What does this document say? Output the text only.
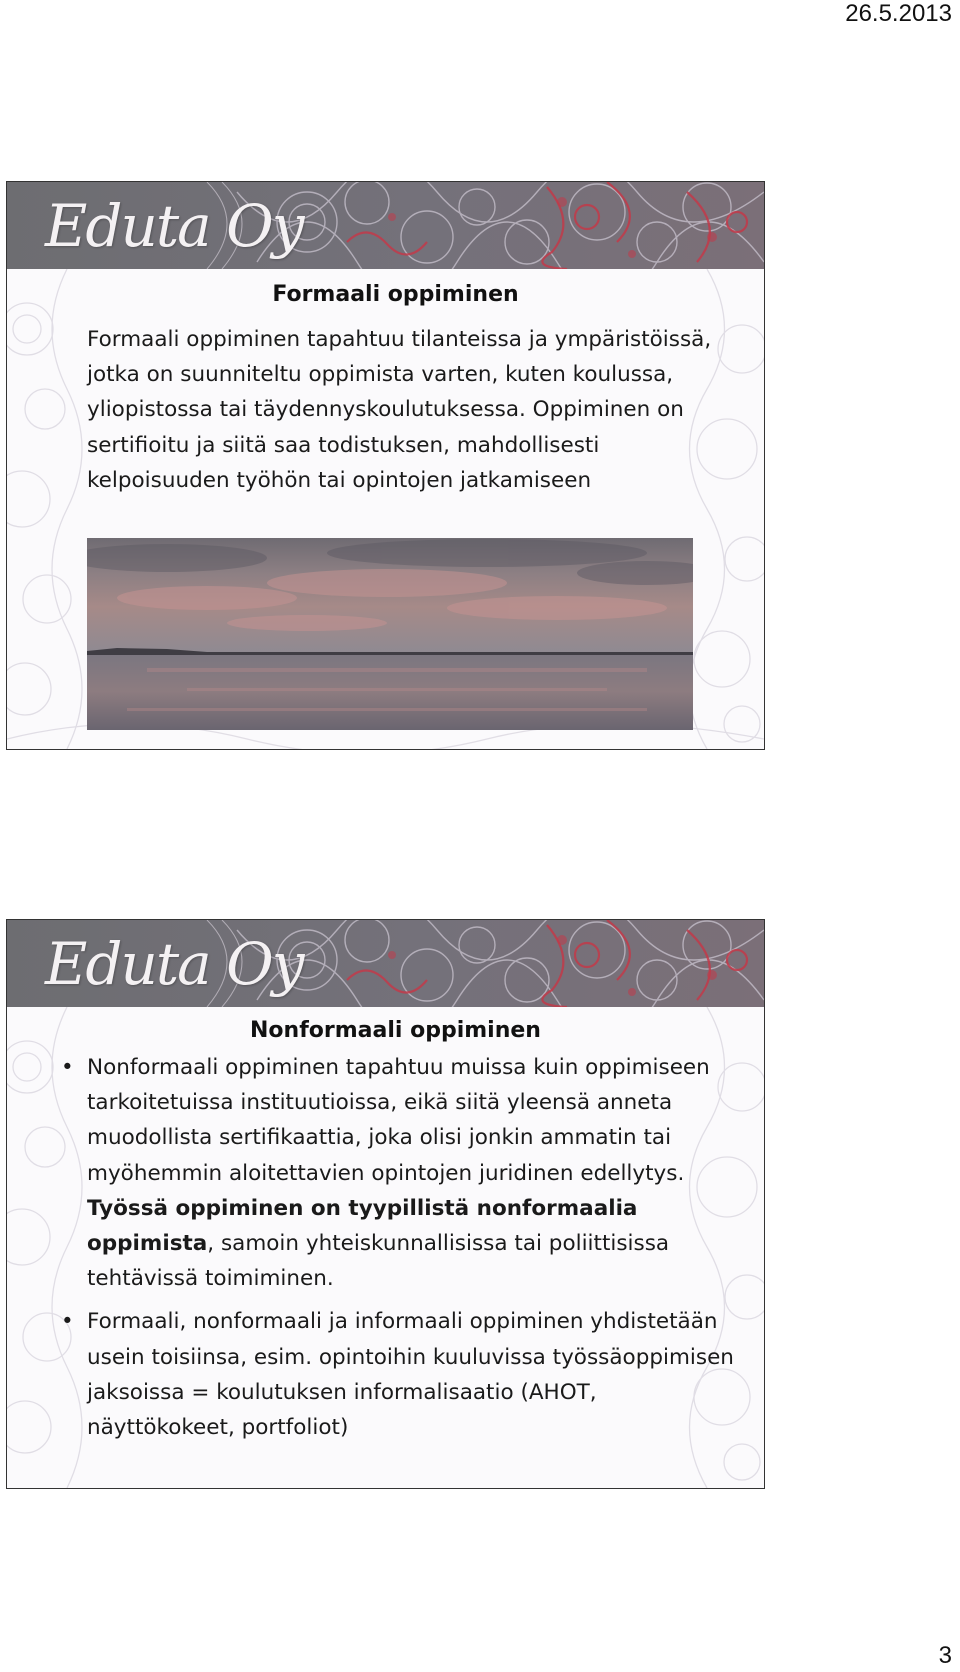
26.5.2013
Eduta Oy
Formaali oppiminen

Formaali oppiminen tapahtuu tilanteissa ja ympäristöissä, jotka on suunniteltu oppimista varten, kuten koulussa, yliopistossa tai täydennyskoulutuksessa. Oppiminen on sertifioitu ja siitä saa todistuksen, mahdollisesti kelpoisuuden työhön tai opintojen jatkamiseen

Eduta Oy
Nonformaali oppiminen
• Nonformaali oppiminen tapahtuu muissa kuin oppimiseen tarkoitetuissa instituutioissa, eikä siitä yleensä anneta muodollista sertifikaattia, joka olisi jonkin ammatin tai myöhemmin aloitettavien opintojen juridinen edellytys. Työssä oppiminen on tyypillistä nonformaalia oppimista, samoin yhteiskunnallisissa tai poliittisissa tehtävissä toimiminen.
• Formaali, nonformaali ja informaali oppiminen yhdistetään usein toisiinsa, esim. opintoihin kuuluvissa työssäoppimisen jaksoissa = koulutuksen informalisaatio (AHOT, näyttökokeet, portfoliot)
3
